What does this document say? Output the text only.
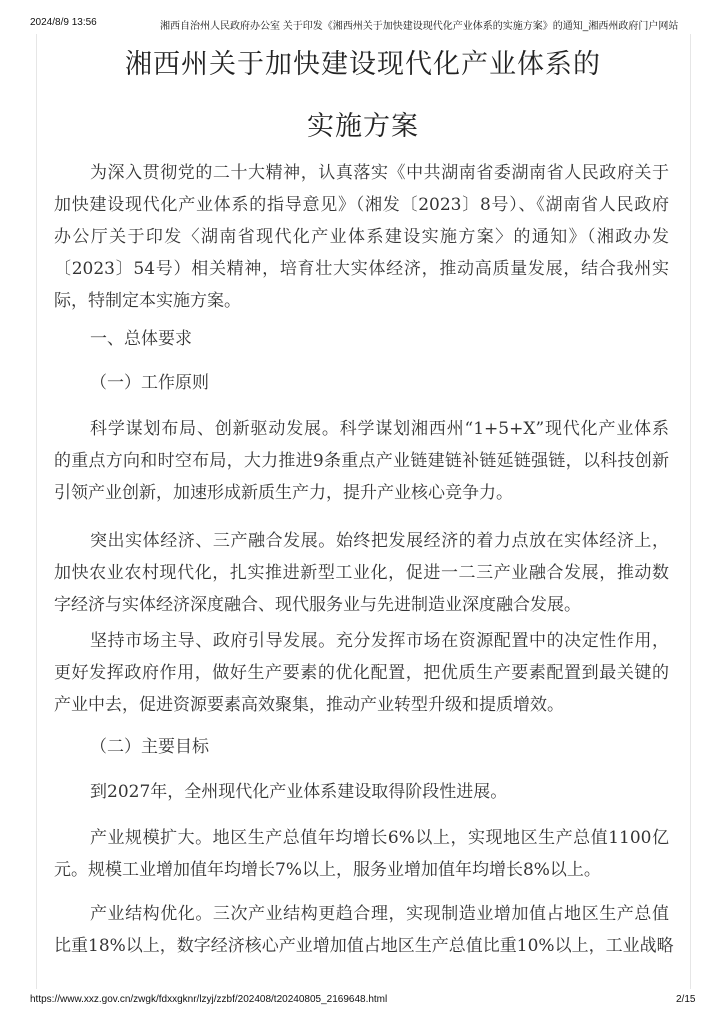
2024/8/9 13:56	湘西自治州人民政府办公室 关于印发《湘西州关于加快建设现代化产业体系的实施方案》的通知_湘西州政府门户网站
湘西州关于加快建设现代化产业体系的
实施方案
为深入贯彻党的二十大精神，认真落实《中共湖南省委湖南省人民政府关于
加快建设现代化产业体系的指导意见》（湘发〔2023〕8号）、《湖南省人民政府
办公厅关于印发〈湖南省现代化产业体系建设实施方案〉的通知》（湘政办发
〔2023〕54号）相关精神，培育壮大实体经济，推动高质量发展，结合我州实
际，特制定本实施方案。
一、总体要求
（一）工作原则
科学谋划布局、创新驱动发展。科学谋划湘西州“1+5+X”现代化产业体系
的重点方向和时空布局，大力推进9条重点产业链建链补链延链强链，以科技创新
引领产业创新，加速形成新质生产力，提升产业核心竞争力。
突出实体经济、三产融合发展。始终把发展经济的着力点放在实体经济上，
加快农业农村现代化，扎实推进新型工业化，促进一二三产业融合发展，推动数
字经济与实体经济深度融合、现代服务业与先进制造业深度融合发展。
坚持市场主导、政府引导发展。充分发挥市场在资源配置中的决定性作用，
更好发挥政府作用，做好生产要素的优化配置，把优质生产要素配置到最关键的
产业中去，促进资源要素高效聚集，推动产业转型升级和提质增效。
（二）主要目标
到2027年，全州现代化产业体系建设取得阶段性进展。
产业规模扩大。地区生产总值年均增长6%以上，实现地区生产总值1100亿
元。规模工业增加值年均增长7%以上，服务业增加值年均增长8%以上。
产业结构优化。三次产业结构更趋合理，实现制造业增加值占地区生产总值
比重18%以上，数字经济核心产业增加值占地区生产总值比重10%以上，工业战略
https://www.xxz.gov.cn/zwgk/fdxxgknr/lzyj/zzbf/202408/t20240805_2169648.html	2/15
